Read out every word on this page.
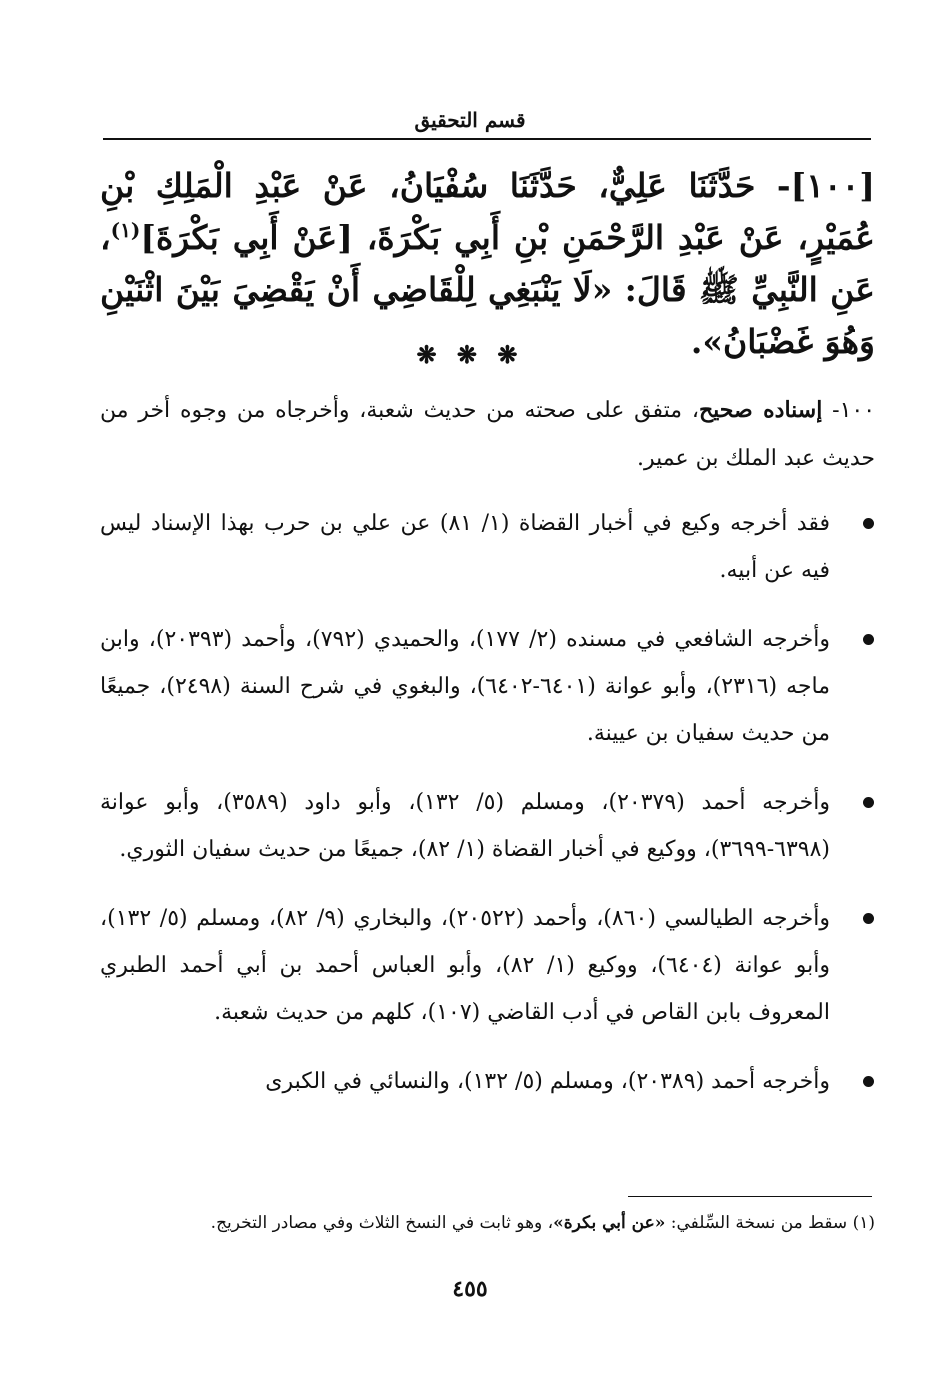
قسم التحقيق
[١٠٠]- حَدَّثَنَا عَلِيٌّ، حَدَّثَنَا سُفْيَانُ، عَنْ عَبْدِ الْمَلِكِ بْنِ عُمَيْرٍ، عَنْ عَبْدِ الرَّحْمَنِ بْنِ أَبِي بَكْرَةَ، [عَنْ أَبِي بَكْرَةَ]$^{(١)}$، عَنِ النَّبِيِّ ﷺ قَالَ: «لَا يَنْبَغِي لِلْقَاضِي أَنْ يَقْضِيَ بَيْنَ اثْنَيْنِ وَهُوَ غَضْبَانُ».
❋ ❋ ❋
١٠٠- إسناده صحيح، متفق على صحته من حديث شعبة، وأخرجاه من وجوه أخر من حديث عبد الملك بن عمير.
فقد أخرجه وكيع في أخبار القضاة (١/ ٨١) عن علي بن حرب بهذا الإسناد ليس فيه عن أبيه.
وأخرجه الشافعي في مسنده (٢/ ١٧٧)، والحميدي (٧٩٢)، وأحمد (٢٠٣٩٣)، وابن ماجه (٢٣١٦)، وأبو عوانة (٦٤٠١-٦٤٠٢)، والبغوي في شرح السنة (٢٤٩٨)، جميعًا من حديث سفيان بن عيينة.
وأخرجه أحمد (٢٠٣٧٩)، ومسلم (٥/ ١٣٢)، وأبو داود (٣٥٨٩)، وأبو عوانة (٦٣٩٨-٣٦٩٩)، ووكيع في أخبار القضاة (١/ ٨٢)، جميعًا من حديث سفيان الثوري.
وأخرجه الطيالسي (٨٦٠)، وأحمد (٢٠٥٢٢)، والبخاري (٩/ ٨٢)، ومسلم (٥/ ١٣٢)، وأبو عوانة (٦٤٠٤)، ووكيع (١/ ٨٢)، وأبو العباس أحمد بن أبي أحمد الطبري المعروف بابن القاص في أدب القاضي (١٠٧)، كلهم من حديث شعبة.
وأخرجه أحمد (٢٠٣٨٩)، ومسلم (٥/ ١٣٢)، والنسائي في الكبرى
(١) سقط من نسخة السِّلفي: «عن أبي بكرة»، وهو ثابت في النسخ الثلاث وفي مصادر التخريج.
٤٥٥
